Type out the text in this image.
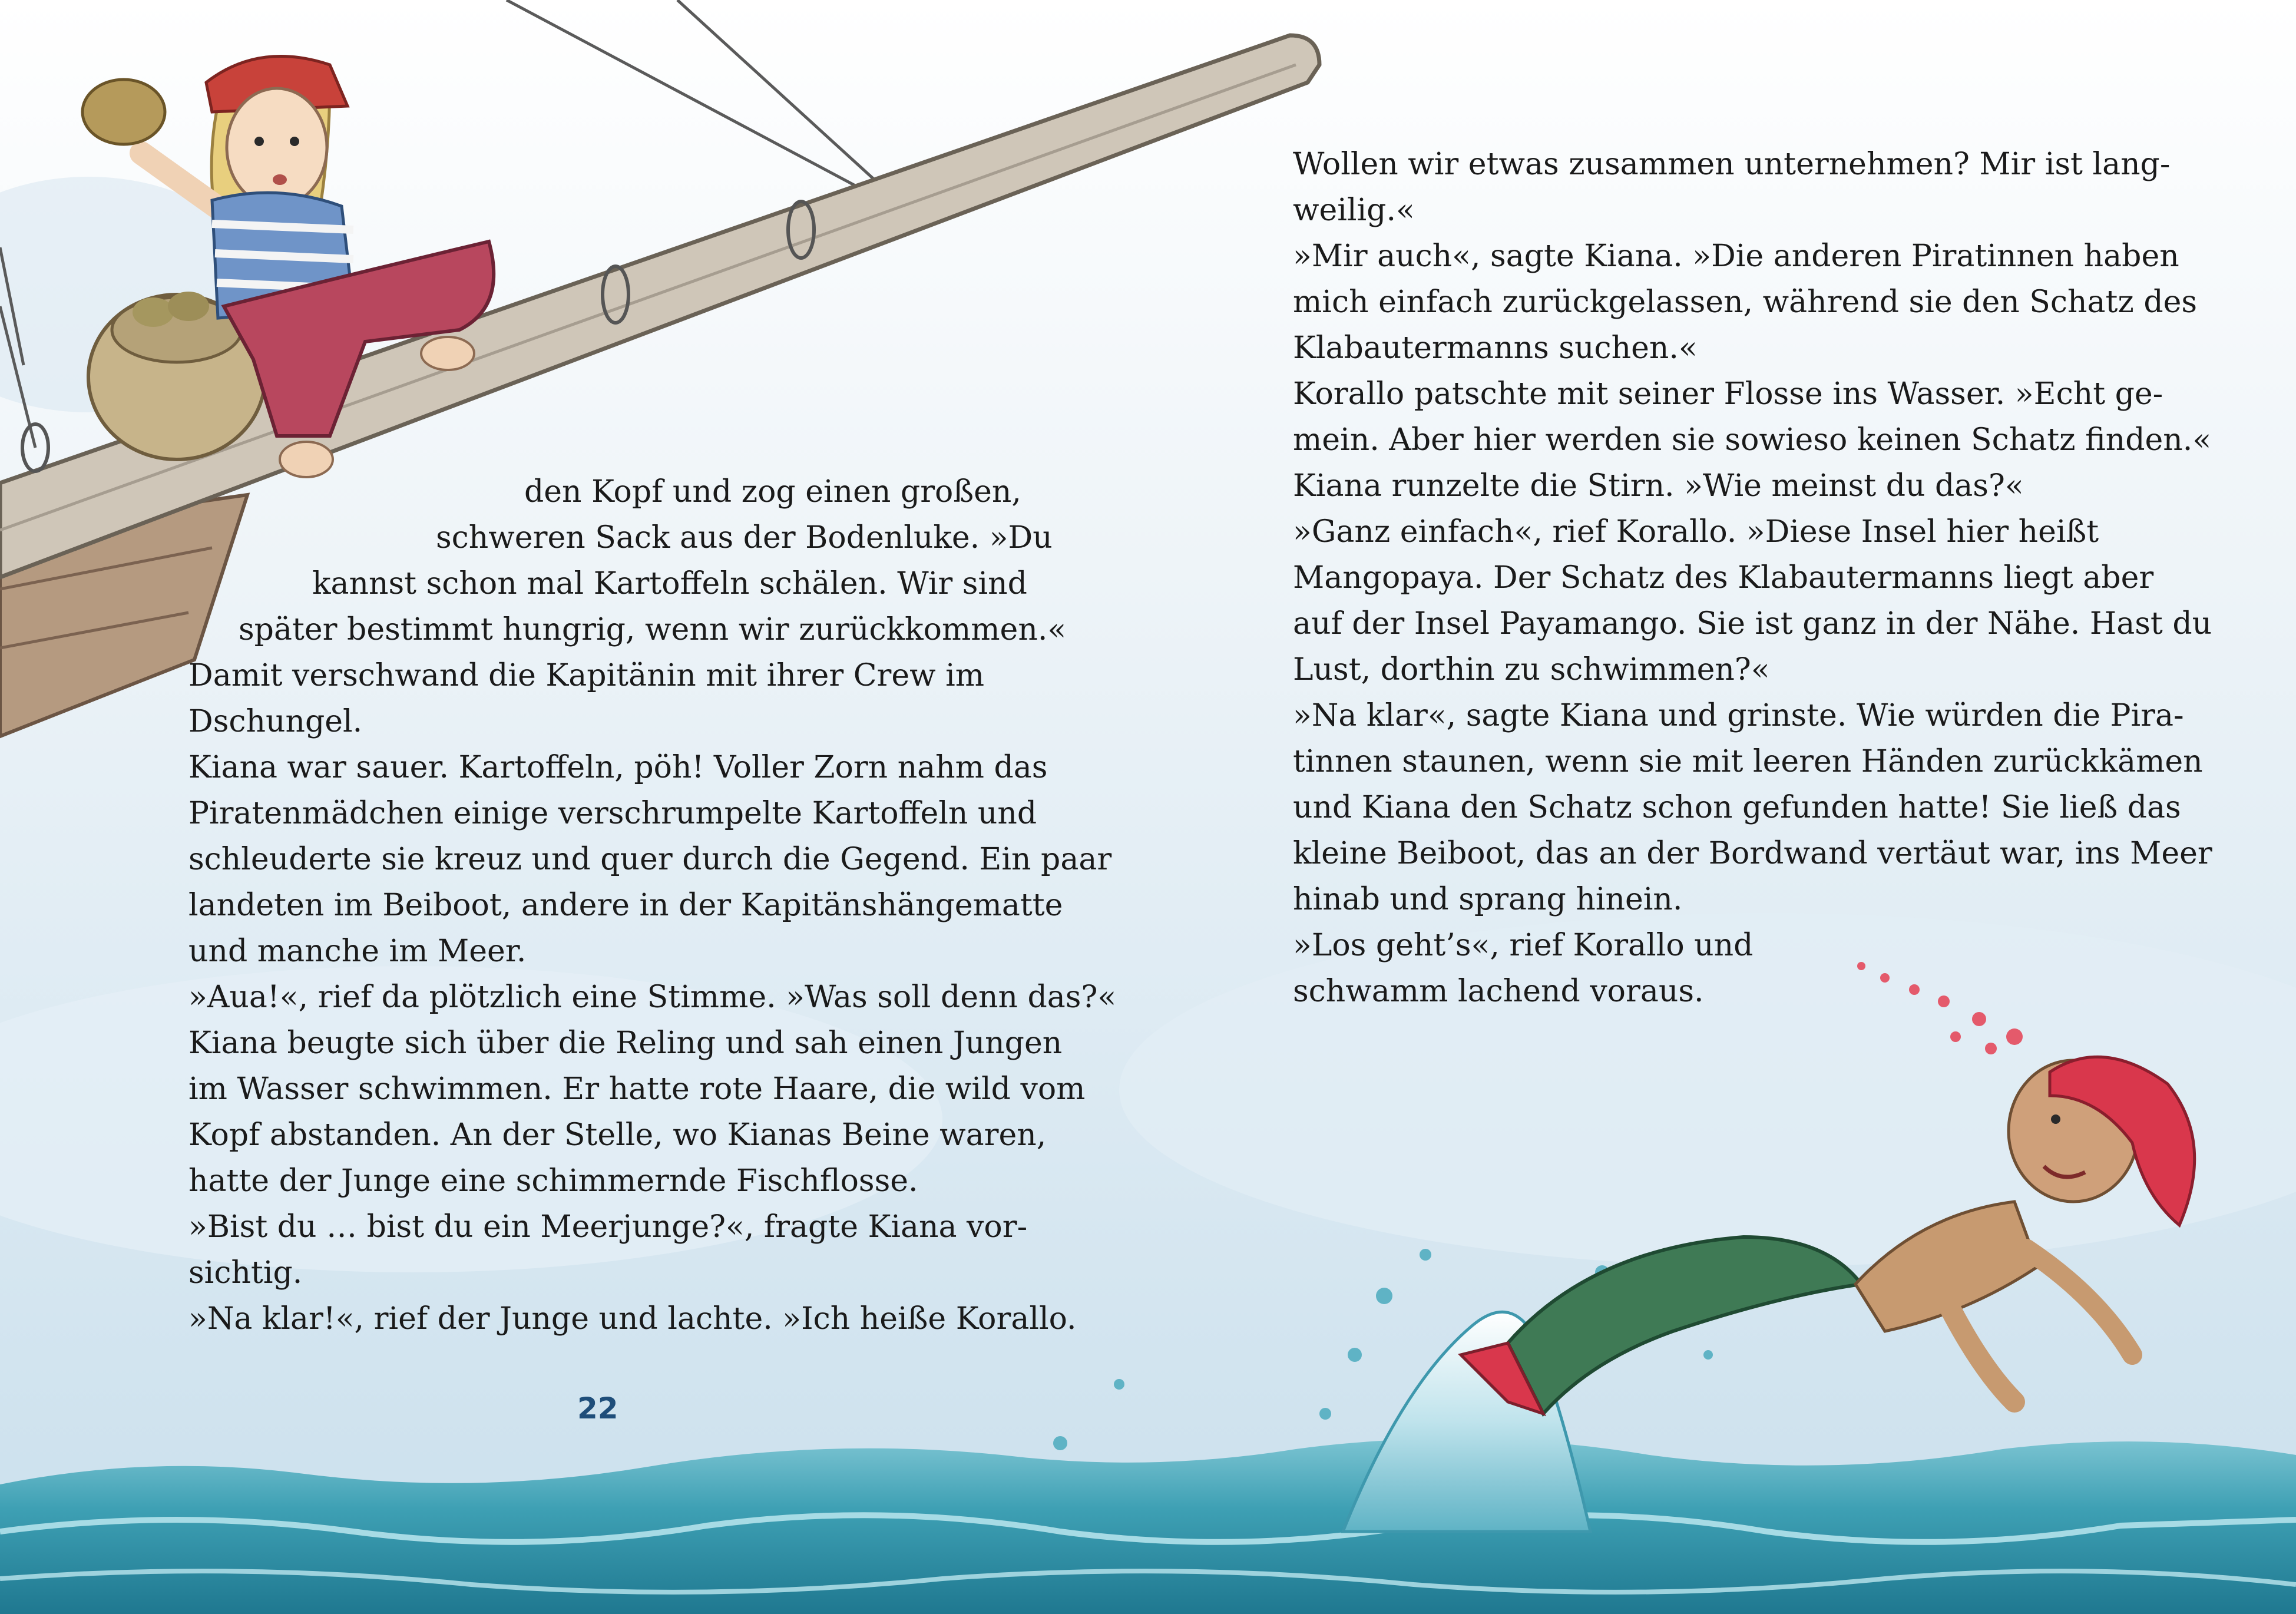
den Kopf und zog einen großen,
schweren Sack aus der Bodenluke. »Du
kannst schon mal Kartoffeln schälen. Wir sind
später bestimmt hungrig, wenn wir zurückkommen.«
Damit verschwand die Kapitänin mit ihrer Crew im
Dschungel.
Kiana war sauer. Kartoffeln, pöh! Voller Zorn nahm das
Piratenmädchen einige verschrumpelte Kartoffeln und
schleuderte sie kreuz und quer durch die Gegend. Ein paar
landeten im Beiboot, andere in der Kapitänshängematte
und manche im Meer.
»Aua!«, rief da plötzlich eine Stimme. »Was soll denn das?«
Kiana beugte sich über die Reling und sah einen Jungen
im Wasser schwimmen. Er hatte rote Haare, die wild vom
Kopf abstanden. An der Stelle, wo Kianas Beine waren,
hatte der Junge eine schimmernde Fischflosse.
»Bist du … bist du ein Meerjunge?«, fragte Kiana vor-
sichtig.
»Na klar!«, rief der Junge und lachte. »Ich heiße Korallo.
22
Wollen wir etwas zusammen unternehmen? Mir ist lang-
weilig.«
»Mir auch«, sagte Kiana. »Die anderen Piratinnen haben
mich einfach zurückgelassen, während sie den Schatz des
Klabautermanns suchen.«
Korallo patschte mit seiner Flosse ins Wasser. »Echt ge-
mein. Aber hier werden sie sowieso keinen Schatz finden.«
Kiana runzelte die Stirn. »Wie meinst du das?«
»Ganz einfach«, rief Korallo. »Diese Insel hier heißt
Mangopaya. Der Schatz des Klabautermanns liegt aber
auf der Insel Payamango. Sie ist ganz in der Nähe. Hast du
Lust, dorthin zu schwimmen?«
»Na klar«, sagte Kiana und grinste. Wie würden die Pira-
tinnen staunen, wenn sie mit leeren Händen zurückkämen
und Kiana den Schatz schon gefunden hatte! Sie ließ das
kleine Beiboot, das an der Bordwand vertäut war, ins Meer
hinab und sprang hinein.
»Los geht’s«, rief Korallo und
schwamm lachend voraus.
